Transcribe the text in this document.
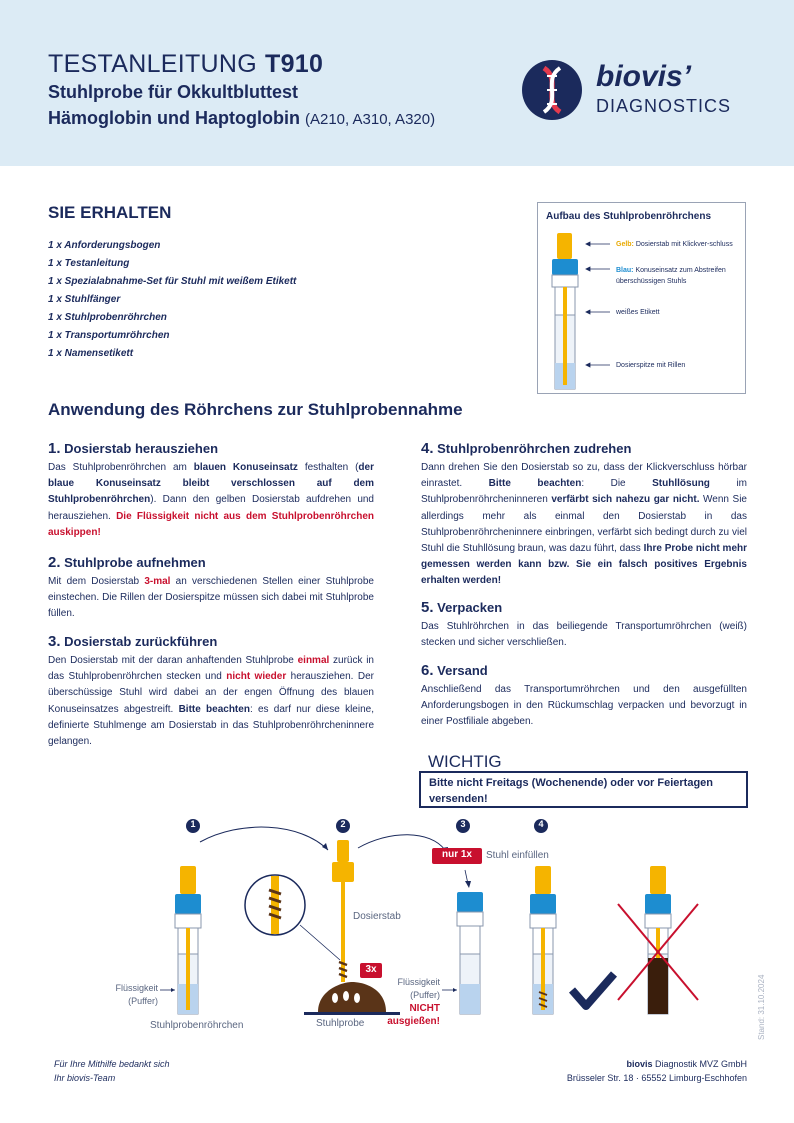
TESTANLEITUNG T910
Stuhlprobe für Okkultbluttest
Hämoglobin und Haptoglobin (A210, A310, A320)
biovis’
DIAGNOSTICS
SIE ERHALTEN
1 x Anforderungsbogen
1 x Testanleitung
1 x Spezialabnahme-Set für Stuhl mit weißem Etikett
1 x Stuhlfänger
1 x Stuhlprobenröhrchen
1 x Transportumröhrchen
1 x Namensetikett
Aufbau des Stuhlprobenröhrchens
Gelb: Dosierstab mit Klickver-schluss
Blau: Konuseinsatz zum Abstreifen überschüssigen Stuhls
weißes Etikett
Dosierspitze mit Rillen
Anwendung des Röhrchens zur Stuhlprobennahme
1. Dosierstab herausziehen
Das Stuhlprobenröhrchen am blauen Konuseinsatz festhalten (der blaue Konuseinsatz bleibt verschlossen auf dem Stuhlprobenröhrchen). Dann den gelben Dosierstab aufdrehen und herausziehen. Die Flüssigkeit nicht aus dem Stuhlprobenröhrchen auskippen!
2. Stuhlprobe aufnehmen
Mit dem Dosierstab 3-mal an verschiedenen Stellen einer Stuhlprobe einstechen. Die Rillen der Dosierspitze müssen sich dabei mit Stuhlprobe füllen.
3. Dosierstab zurückführen
Den Dosierstab mit der daran anhaftenden Stuhlprobe einmal zurück in das Stuhlprobenröhrchen stecken und nicht wieder herausziehen. Der überschüssige Stuhl wird dabei an der engen Öffnung des blauen Konuseinsatzes abgestreift. Bitte beachten: es darf nur diese kleine, definierte Stuhlmenge am Dosierstab in das Stuhlprobenröhrcheninnere gelangen.
4. Stuhlprobenröhrchen zudrehen
Dann drehen Sie den Dosierstab so zu, dass der Klickverschluss hörbar einrastet. Bitte beachten: Die Stuhllösung im Stuhlprobenröhrcheninneren verfärbt sich nahezu gar nicht. Wenn Sie allerdings mehr als einmal den Dosierstab in das Stuhlprobenröhrcheninnere einbringen, verfärbt sich bedingt durch zu viel Stuhl die Stuhllösung braun, was dazu führt, dass Ihre Probe nicht mehr gemessen werden kann bzw. Sie ein falsch positives Ergebnis erhalten werden!
5. Verpacken
Das Stuhlröhrchen in das beiliegende Transportumröhrchen (weiß) stecken und sicher verschließen.
6. Versand
Anschließend das Transportumröhrchen und den ausgefüllten Anforderungsbogen in den Rückumschlag verpacken und bevorzugt in einer Postfiliale abgeben.
WICHTIG
Bitte nicht Freitags (Wochenende) oder vor Feiertagen versenden!
1	2	3	4
Flüssigkeit
(Puffer)
Stuhlprobenröhrchen
Dosierstab
3x
Stuhlprobe
nur 1x	Stuhl einfüllen
Flüssigkeit
(Puffer)
NICHT
ausgießen!
Für Ihre Mithilfe bedankt sich
Ihr biovis-Team
biovis Diagnostik MVZ GmbH
Brüsseler Str. 18 · 65552 Limburg-Eschhofen
Stand: 31.10.2024
